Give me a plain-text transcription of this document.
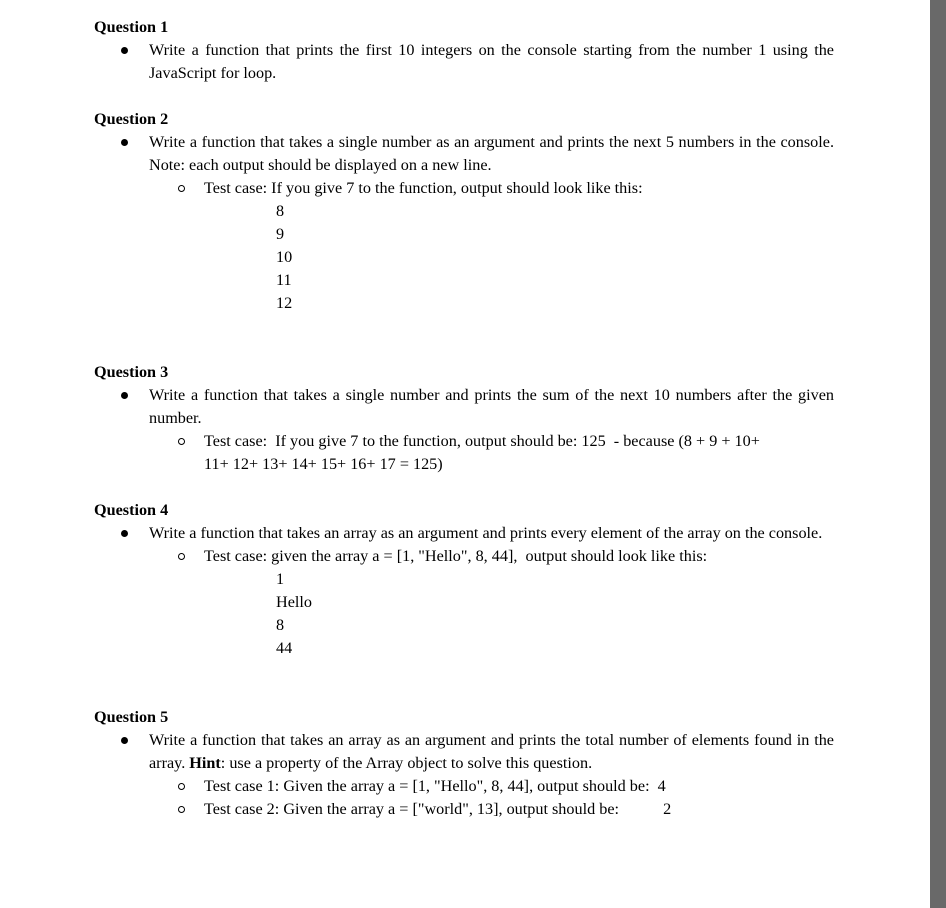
Question 1

Write a function that prints the first 10 integers on the console starting from the number 1 using the JavaScript for loop.

Question 2

Write a function that takes a single number as an argument and prints the next 5 numbers in the console. Note: each output should be displayed on a new line.
Test case: If you give 7 to the function, output should look like this:
8
9
10
11
12

Question 3

Write a function that takes a single number and prints the sum of the next 10 numbers after the given number.
Test case:  If you give 7 to the function, output should be: 125  - because (8 + 9 + 10+
11+ 12+ 13+ 14+ 15+ 16+ 17 = 125)

Question 4

Write a function that takes an array as an argument and prints every element of the array on the console.
Test case: given the array a = [1, "Hello", 8, 44],  output should look like this:
1
Hello
8
44

Question 5

Write a function that takes an array as an argument and prints the total number of elements found in the array. Hint: use a property of the Array object to solve this question.
Test case 1: Given the array a = [1, "Hello", 8, 44], output should be: 4
Test case 2: Given the array a = ["world", 13], output should be:	2
